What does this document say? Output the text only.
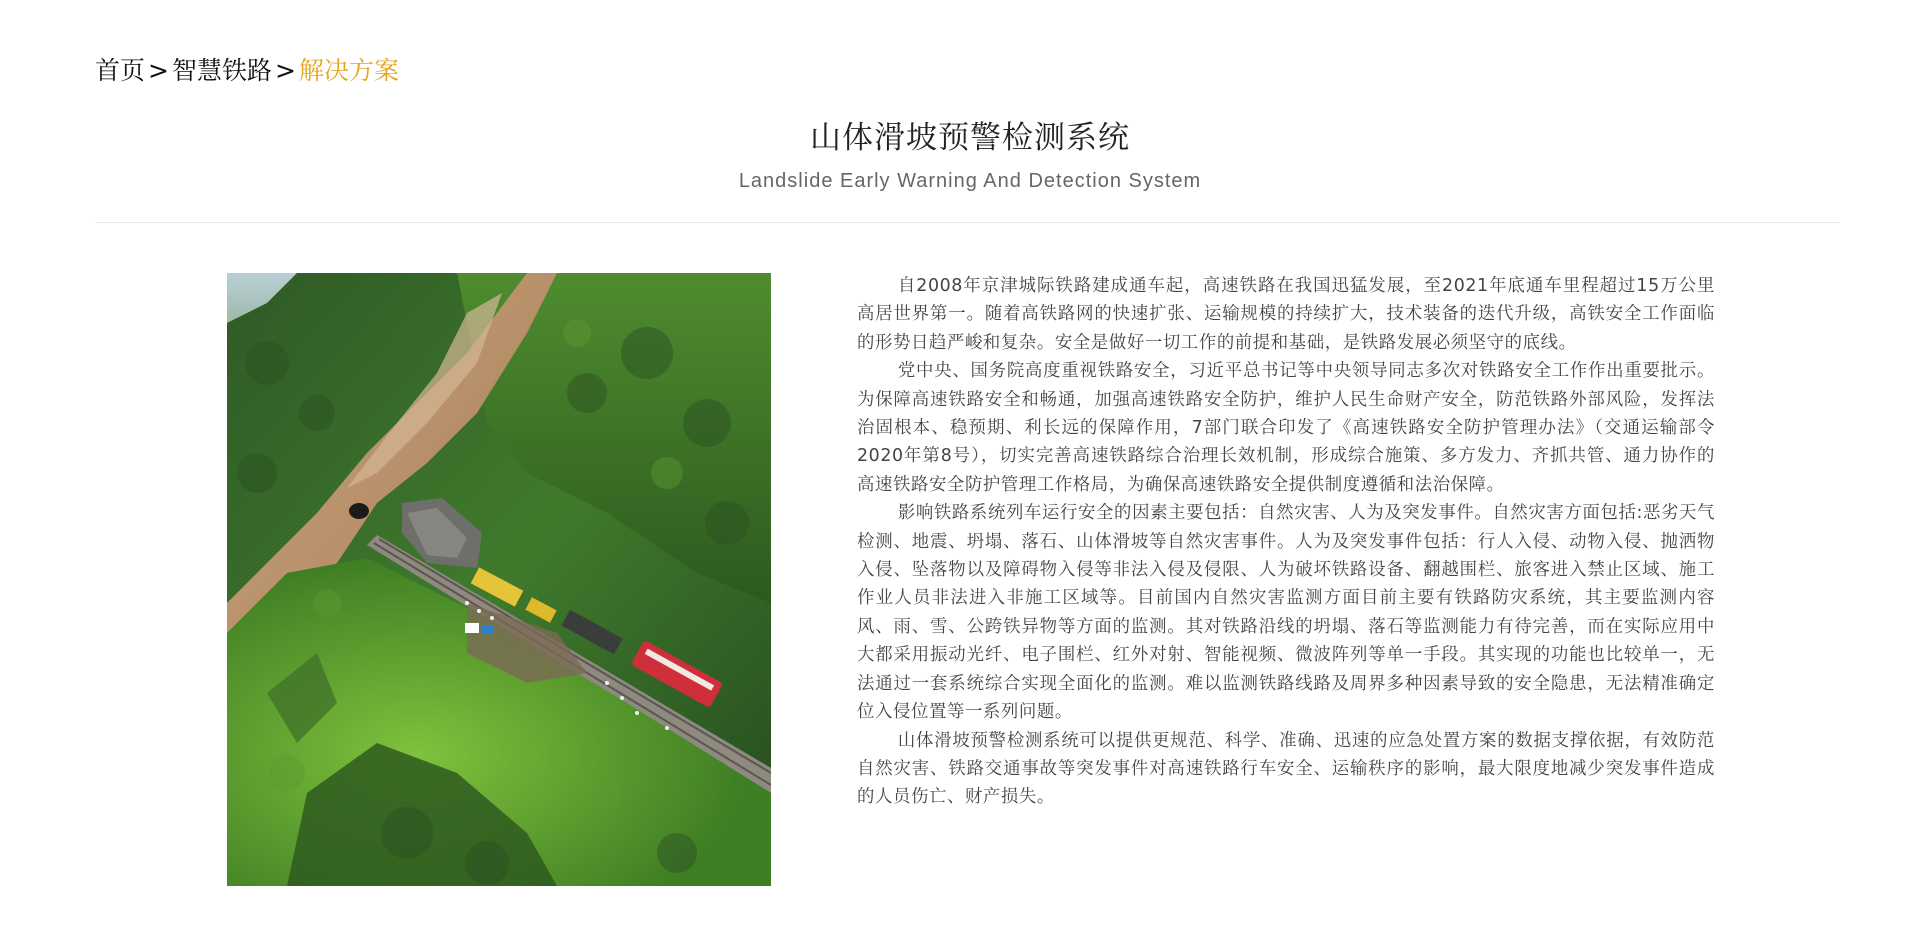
首页 > 智慧铁路 > 解决方案
山体滑坡预警检测系统
Landslide Early Warning And Detection System

自2008年京津城际铁路建成通车起，高速铁路在我国迅猛发展，至2021年底通车里程超过15万公里高居世界第一。随着高铁路网的快速扩张、运输规模的持续扩大，技术装备的迭代升级，高铁安全工作面临的形势日趋严峻和复杂。安全是做好一切工作的前提和基础，是铁路发展必须坚守的底线。

党中央、国务院高度重视铁路安全，习近平总书记等中央领导同志多次对铁路安全工作作出重要批示。为保障高速铁路安全和畅通，加强高速铁路安全防护，维护人民生命财产安全，防范铁路外部风险，发挥法治固根本、稳预期、利长远的保障作用，7部门联合印发了《高速铁路安全防护管理办法》（交通运输部令2020年第8号），切实完善高速铁路综合治理长效机制，形成综合施策、多方发力、齐抓共管、通力协作的高速铁路安全防护管理工作格局，为确保高速铁路安全提供制度遵循和法治保障。

影响铁路系统列车运行安全的因素主要包括：自然灾害、人为及突发事件。自然灾害方面包括:恶劣天气检测、地震、坍塌、落石、山体滑坡等自然灾害事件。人为及突发事件包括：行人入侵、动物入侵、抛洒物入侵、坠落物以及障碍物入侵等非法入侵及侵限、人为破坏铁路设备、翻越围栏、旅客进入禁止区域、施工作业人员非法进入非施工区域等。目前国内自然灾害监测方面目前主要有铁路防灾系统，其主要监测内容风、雨、雪、公跨铁异物等方面的监测。其对铁路沿线的坍塌、落石等监测能力有待完善，而在实际应用中大都采用振动光纤、电子围栏、红外对射、智能视频、微波阵列等单一手段。其实现的功能也比较单一，无法通过一套系统综合实现全面化的监测。难以监测铁路线路及周界多种因素导致的安全隐患，无法精准确定位入侵位置等一系列问题。

山体滑坡预警检测系统可以提供更规范、科学、准确、迅速的应急处置方案的数据支撑依据，有效防范自然灾害、铁路交通事故等突发事件对高速铁路行车安全、运输秩序的影响，最大限度地减少突发事件造成的人员伤亡、财产损失。
